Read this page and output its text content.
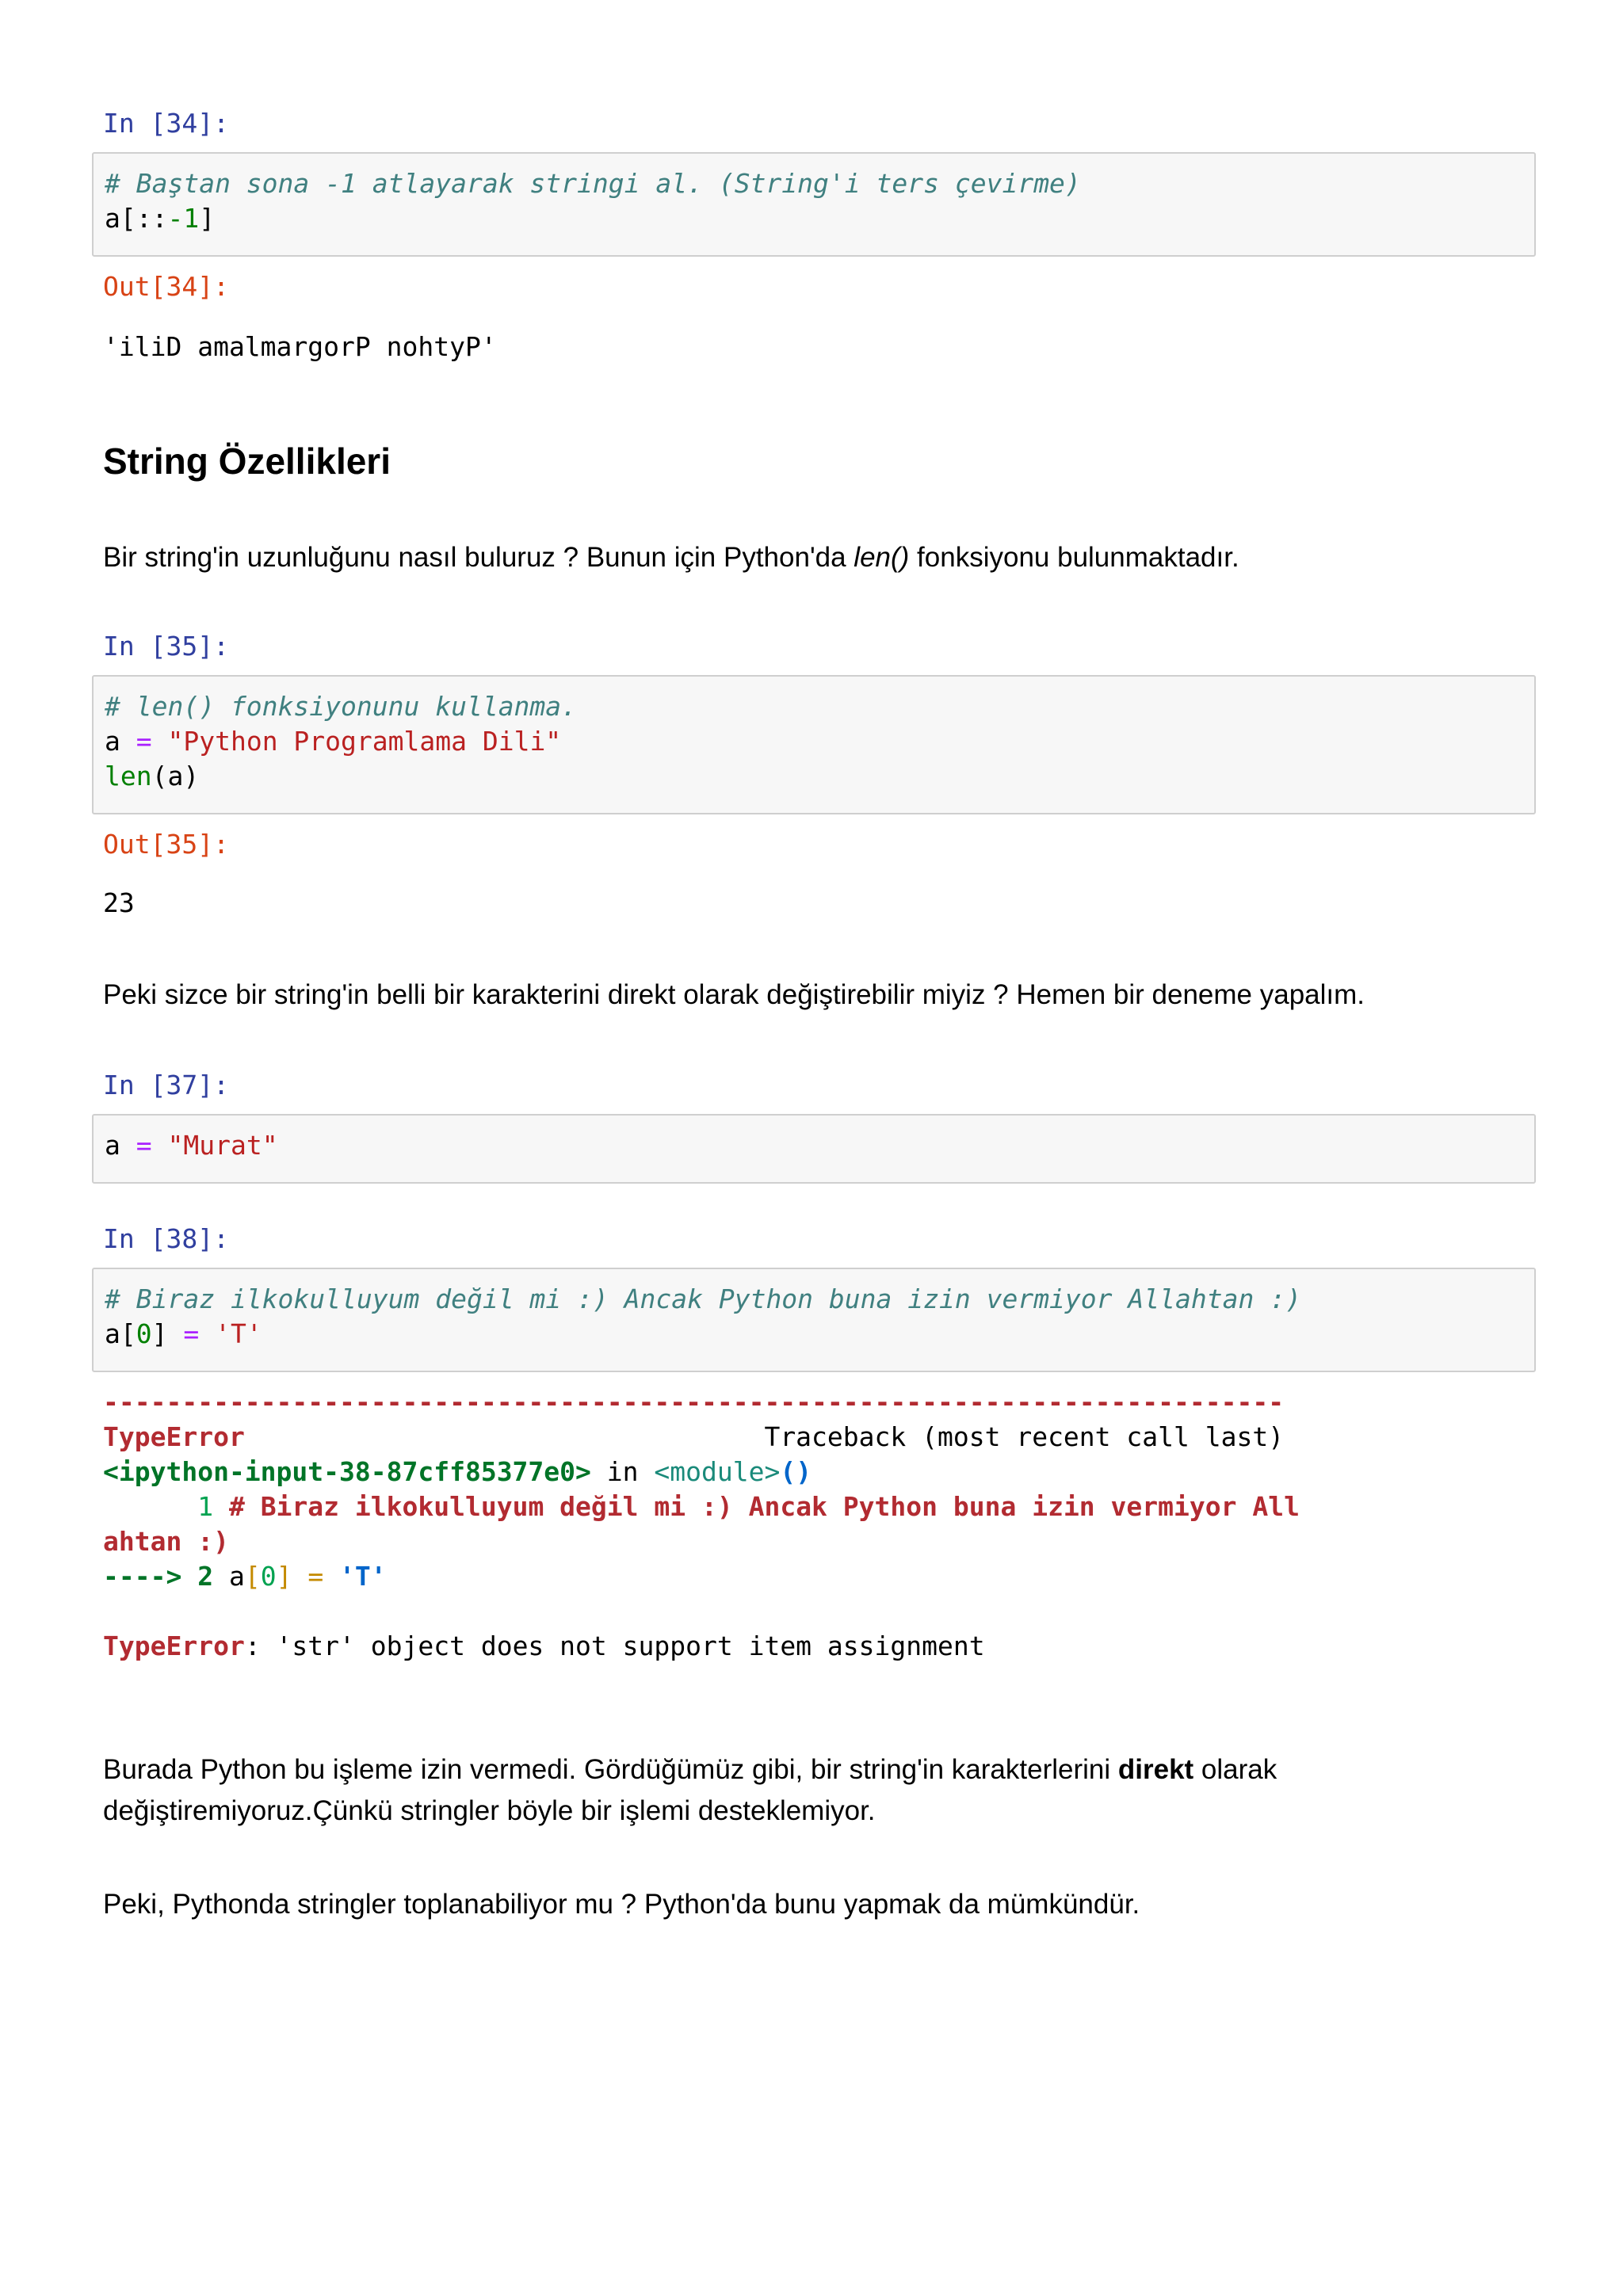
In [34]:
# Baştan sona -1 atlayarak stringi al. (String'i ters çevirme)
a[::-1]
Out[34]:
'iliD amalmargorP nohtyP'
String Özellikleri

Bir string'in uzunluğunu nasıl buluruz ? Bunun için Python'da len() fonksiyonu bulunmaktadır.

In [35]:
# len() fonksiyonunu kullanma.
a = "Python Programlama Dili"
len(a)
Out[35]:
23

Peki sizce bir string'in belli bir karakterini direkt olarak değiştirebilir miyiz ? Hemen bir deneme yapalım.

In [37]:
a = "Murat"
In [38]:
# Biraz ilkokulluyum değil mi :) Ancak Python buna izin vermiyor Allahtan :)
a[0] = 'T'
---------------------------------------------------------------------------
TypeError                                 Traceback (most recent call last)
<ipython-input-38-87cff85377e0> in <module>()
1 # Biraz ilkokulluyum değil mi :) Ancak Python buna izin vermiyor All
ahtan :)
----> 2 a[0] = 'T'

TypeError: 'str' object does not support item assignment

Burada Python bu işleme izin vermedi. Gördüğümüz gibi, bir string'in karakterlerini direkt olarak değiştiremiyoruz.Çünkü stringler böyle bir işlemi desteklemiyor.

Peki, Pythonda stringler toplanabiliyor mu ? Python'da bunu yapmak da mümkündür.
